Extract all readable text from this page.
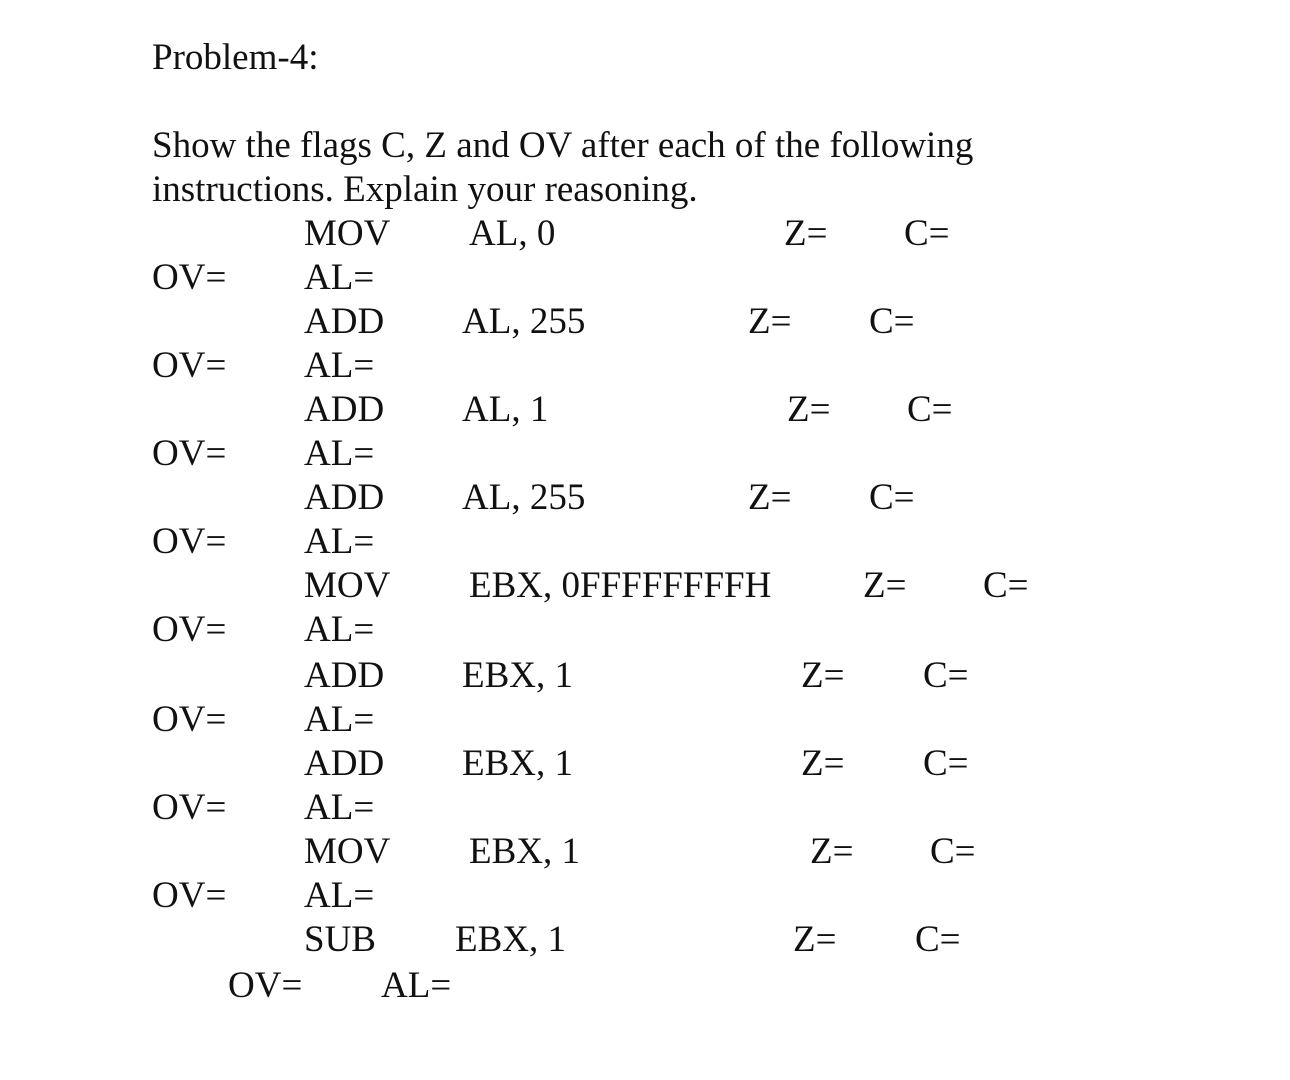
Problem-4:

Show the flags C, Z and OV after each of the following instructions. Explain your reasoning.

MOV AL, 0	Z= C=
OV= AL=
ADD AL, 255	Z= C=
OV= AL=
ADD AL, 1	Z= C=
OV= AL=
ADD AL, 255	Z= C=
OV= AL=
MOV EBX, 0FFFFFFFFH Z= C=
OV= AL=
ADD EBX, 1	Z= C=
OV= AL=
ADD EBX, 1	Z= C=
OV= AL=
MOV EBX, 1	Z= C=
OV= AL=
SUB EBX, 1	Z= C=
OV= AL=
